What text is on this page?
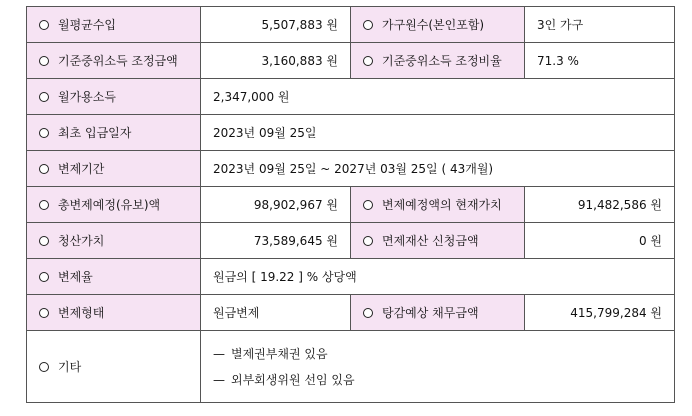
월평균수입	5,507,883 원	가구원수(본인포함)	3인 가구
기준중위소득 조정금액	3,160,883 원	기준중위소득 조정비율	71.3 %
월가용소득	2,347,000 원		
최초 입금일자	2023년 09월 25일		
변제기간	2023년 09월 25일 ~ 2027년 03월 25일 ( 43개월)		
총변제예정(유보)액	98,902,967 원	변제예정액의 현재가치	91,482,586 원
청산가치	73,589,645 원	면제재산 신청금액	0 원
변제율	원금의 [ 19.22 ] % 상당액		
변제형태	원금변제	탕감예상 채무금액	415,799,284 원
기타	— 별제권부채권 있음
— 외부회생위원 선임 있음		
